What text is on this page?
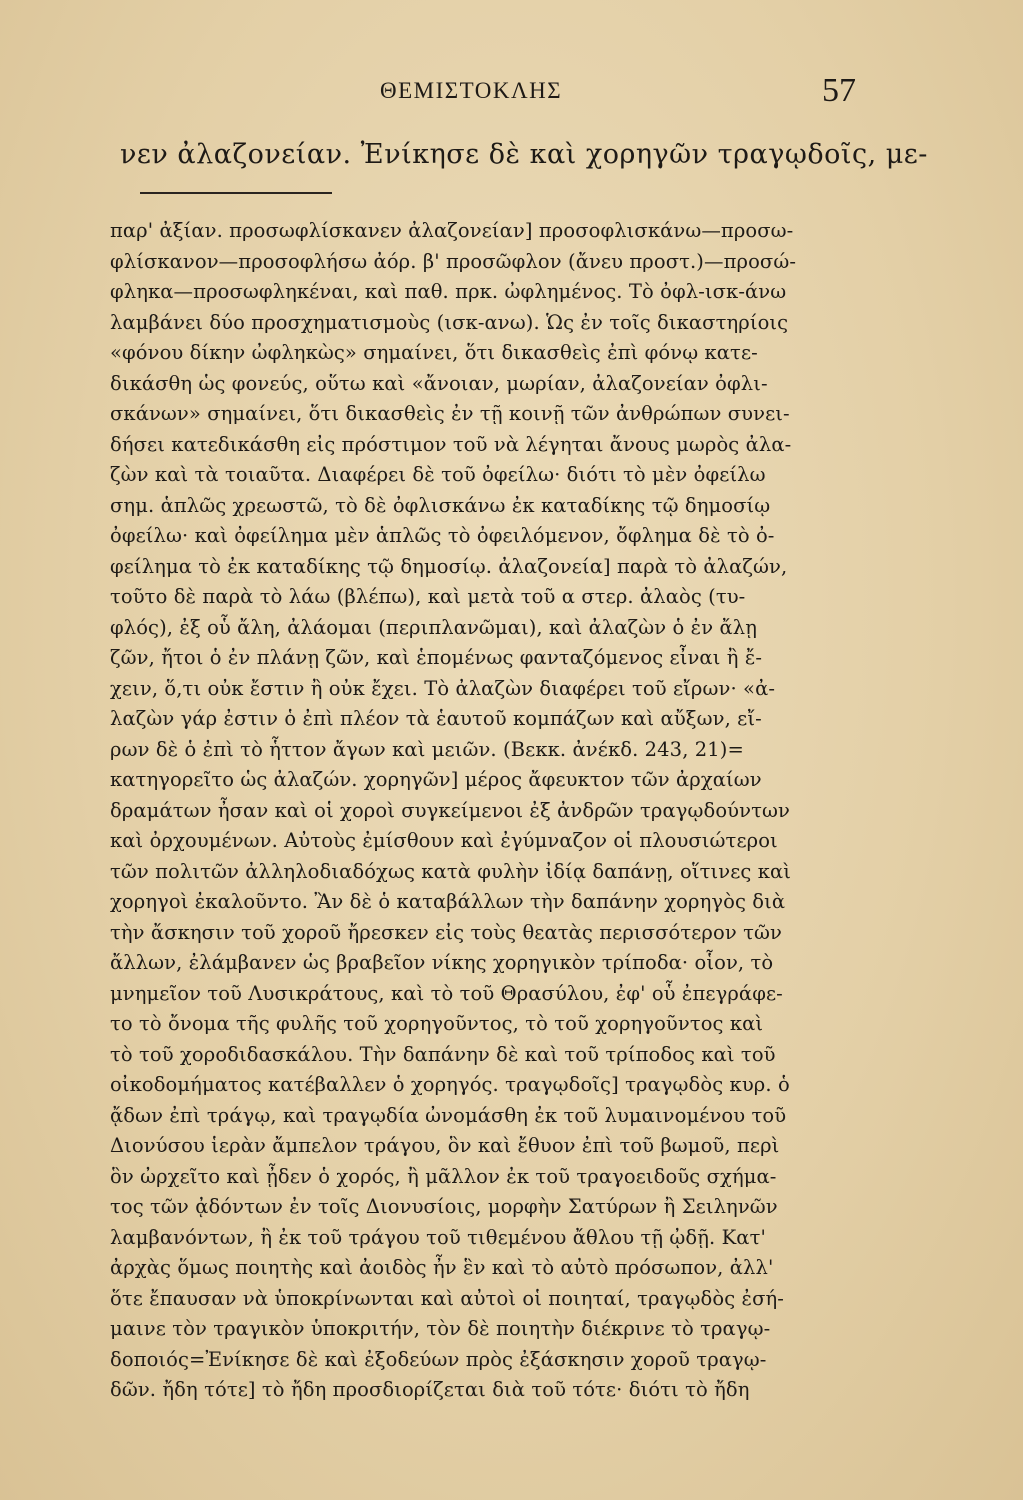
ΘΕΜΙΣΤΟΚΛΗΣ	57
νεν ἀλαζονείαν. Ἐνίκησε δὲ καὶ χορηγῶν τραγῳδοῖς, με-
παρ' ἀξίαν. προσωφλίσκανεν ἀλαζονείαν] προσοφλισκάνω—προσω-
φλίσκανον—προσοφλήσω ἀόρ. β' προσῶφλον (ἄνευ προστ.)—προσώ-
φληκα—προσωφληκέναι, καὶ παθ. πρκ. ὠφλημένος. Τὸ ὀφλ-ισκ-άνω
λαμβάνει δύο προσχηματισμοὺς (ισκ-ανω). Ὡς ἐν τοῖς δικαστηρίοις
«φόνου δίκην ὠφληκὼς» σημαίνει, ὅτι δικασθεὶς ἐπὶ φόνῳ κατε-
δικάσθη ὡς φονεύς, οὕτω καὶ «ἄνοιαν, μωρίαν, ἀλαζονείαν ὀφλι-
σκάνων» σημαίνει, ὅτι δικασθεὶς ἐν τῇ κοινῇ τῶν ἀνθρώπων συνει-
δήσει κατεδικάσθη εἰς πρόστιμον τοῦ νὰ λέγηται ἄνους μωρὸς ἀλα-
ζὼν καὶ τὰ τοιαῦτα. Διαφέρει δὲ τοῦ ὀφείλω· διότι τὸ μὲν ὀφείλω
σημ. ἁπλῶς χρεωστῶ, τὸ δὲ ὀφλισκάνω ἐκ καταδίκης τῷ δημοσίῳ
ὀφείλω· καὶ ὀφείλημα μὲν ἁπλῶς τὸ ὀφειλόμενον, ὄφλημα δὲ τὸ ὀ-
φείλημα τὸ ἐκ καταδίκης τῷ δημοσίῳ. ἀλαζονεία] παρὰ τὸ ἀλαζών,
τοῦτο δὲ παρὰ τὸ λάω (βλέπω), καὶ μετὰ τοῦ α στερ. ἀλαὸς (τυ-
φλός), ἐξ οὗ ἄλη, ἀλάομαι (περιπλανῶμαι), καὶ ἀλαζὼν ὁ ἐν ἄλῃ
ζῶν, ἤτοι ὁ ἐν πλάνῃ ζῶν, καὶ ἑπομένως φανταζόμενος εἶναι ἢ ἔ-
χειν, ὅ,τι οὐκ ἔστιν ἢ οὐκ ἔχει. Τὸ ἀλαζὼν διαφέρει τοῦ εἴρων· «ἀ-
λαζὼν γάρ ἐστιν ὁ ἐπὶ πλέον τὰ ἑαυτοῦ κομπάζων καὶ αὔξων, εἴ-
ρων δὲ ὁ ἐπὶ τὸ ἧττον ἄγων καὶ μειῶν. (Βεκκ. ἀνέκδ. 243, 21)=
κατηγορεῖτο ὡς ἀλαζών. χορηγῶν] μέρος ἄφευκτον τῶν ἀρχαίων
δραμάτων ἦσαν καὶ οἱ χοροὶ συγκείμενοι ἐξ ἀνδρῶν τραγῳδούντων
καὶ ὀρχουμένων. Αὐτοὺς ἐμίσθουν καὶ ἐγύμναζον οἱ πλουσιώτεροι
τῶν πολιτῶν ἀλληλοδιαδόχως κατὰ φυλὴν ἰδίᾳ δαπάνῃ, οἵτινες καὶ
χορηγοὶ ἐκαλοῦντο. Ἂν δὲ ὁ καταβάλλων τὴν δαπάνην χορηγὸς διὰ
τὴν ἄσκησιν τοῦ χοροῦ ἤρεσκεν εἰς τοὺς θεατὰς περισσότερον τῶν
ἄλλων, ἐλάμβανεν ὡς βραβεῖον νίκης χορηγικὸν τρίποδα· οἷον, τὸ
μνημεῖον τοῦ Λυσικράτους, καὶ τὸ τοῦ Θρασύλου, ἐφ' οὗ ἐπεγράφε-
το τὸ ὄνομα τῆς φυλῆς τοῦ χορηγοῦντος, τὸ τοῦ χορηγοῦντος καὶ
τὸ τοῦ χοροδιδασκάλου. Τὴν δαπάνην δὲ καὶ τοῦ τρίποδος καὶ τοῦ
οἰκοδομήματος κατέβαλλεν ὁ χορηγός. τραγῳδοῖς] τραγῳδὸς κυρ. ὁ
ᾄδων ἐπὶ τράγῳ, καὶ τραγῳδία ὠνομάσθη ἐκ τοῦ λυμαινομένου τοῦ
Διονύσου ἱερὰν ἄμπελον τράγου, ὃν καὶ ἔθυον ἐπὶ τοῦ βωμοῦ, περὶ
ὃν ὠρχεῖτο καὶ ᾖδεν ὁ χορός, ἢ μᾶλλον ἐκ τοῦ τραγοειδοῦς σχήμα-
τος τῶν ᾀδόντων ἐν τοῖς Διονυσίοις, μορφὴν Σατύρων ἢ Σειληνῶν
λαμβανόντων, ἢ ἐκ τοῦ τράγου τοῦ τιθεμένου ἄθλου τῇ ᾠδῇ. Κατ'
ἀρχὰς ὅμως ποιητὴς καὶ ἀοιδὸς ἦν ἓν καὶ τὸ αὐτὸ πρόσωπον, ἀλλ'
ὅτε ἔπαυσαν νὰ ὑποκρίνωνται καὶ αὐτοὶ οἱ ποιηταί, τραγῳδὸς ἐσή-
μαινε τὸν τραγικὸν ὑποκριτήν, τὸν δὲ ποιητὴν διέκρινε τὸ τραγῳ-
δοποιός=Ἐνίκησε δὲ καὶ ἐξοδεύων πρὸς ἐξάσκησιν χοροῦ τραγῳ-
δῶν. ἤδη τότε] τὸ ἤδη προσδιορίζεται διὰ τοῦ τότε· διότι τὸ ἤδη
